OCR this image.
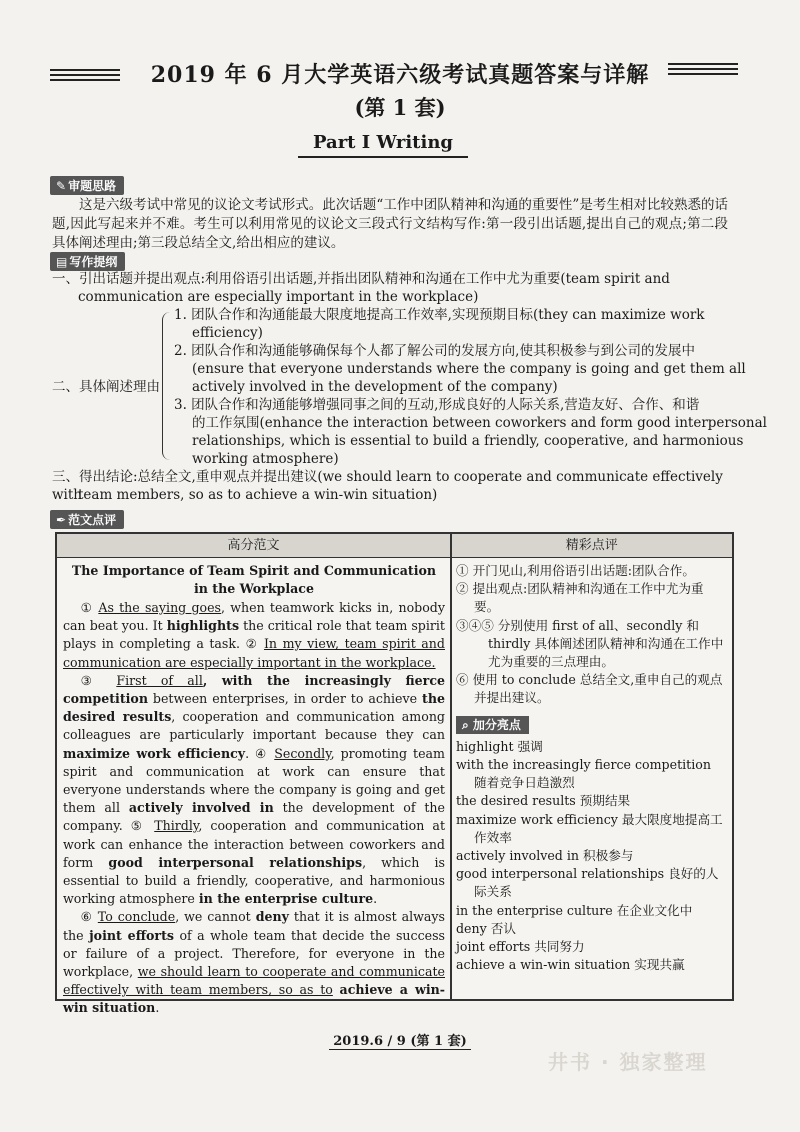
2019 年 6 月大学英语六级考试真题答案与详解
(第 1 套)
Part I Writing
✎ 审题思路
这是六级考试中常见的议论文考试形式。此次话题“工作中团队精神和沟通的重要性”是考生相对比较熟悉的话题,因此写起来并不难。考生可以利用常见的议论文三段式行文结构写作:第一段引出话题,提出自己的观点;第二段具体阐述理由;第三段总结全文,给出相应的建议。
▤ 写作提纲
一、引出话题并提出观点:利用俗语引出话题,并指出团队精神和沟通在工作中尤为重要(team spirit and
communication are especially important in the workplace)
二、具体阐述理由
1. 团队合作和沟通能最大限度地提高工作效率,实现预期目标(they can maximize work
efficiency)
2. 团队合作和沟通能够确保每个人都了解公司的发展方向,使其积极参与到公司的发展中
(ensure that everyone understands where the company is going and get them all
actively involved in the development of the company)
3. 团队合作和沟通能够增强同事之间的互动,形成良好的人际关系,营造友好、合作、和谐
的工作氛围(enhance the interaction between coworkers and form good interpersonal
relationships, which is essential to build a friendly, cooperative, and harmonious
working atmosphere)
三、得出结论:总结全文,重申观点并提出建议(we should learn to cooperate and communicate effectively with
team members, so as to achieve a win-win situation)
✒ 范文点评
高分范文	精彩点评
The Importance of Team Spirit and Communication
in the Workplace

① As the saying goes, when teamwork kicks in, nobody can beat you. It highlights the critical role that team spirit plays in completing a task. ② In my view, team spirit and communication are especially important in the workplace.

③ First of all, with the increasingly fierce competition between enterprises, in order to achieve the desired results, cooperation and communication among colleagues are particularly important because they can maximize work efficiency. ④ Secondly, promoting team spirit and communication at work can ensure that everyone understands where the company is going and get them all actively involved in the development of the company. ⑤ Thirdly, cooperation and communication at work can enhance the interaction between coworkers and form good interpersonal relationships, which is essential to build a friendly, cooperative, and harmonious working atmosphere in the enterprise culture.

⑥ To conclude, we cannot deny that it is almost always the joint efforts of a whole team that decide the success or failure of a project. Therefore, for everyone in the workplace, we should learn to cooperate and communicate effectively with team members, so as to achieve a win-win situation.

① 开门见山,利用俗语引出话题:团队合作。
② 提出观点:团队精神和沟通在工作中尤为重要。
③④⑤ 分别使用 first of all、secondly 和 thirdly 具体阐述团队精神和沟通在工作中尤为重要的三点理由。
⑥ 使用 to conclude 总结全文,重申自己的观点并提出建议。
⌕ 加分亮点
highlight 强调
with the increasingly fierce competition 随着竞争日趋激烈
the desired results 预期结果
maximize work efficiency 最大限度地提高工作效率
actively involved in 积极参与
good interpersonal relationships 良好的人际关系
in the enterprise culture 在企业文化中
deny 否认
joint efforts 共同努力
achieve a win-win situation 实现共赢
2019.6 / 9 (第 1 套)
井书 · 独家整理
